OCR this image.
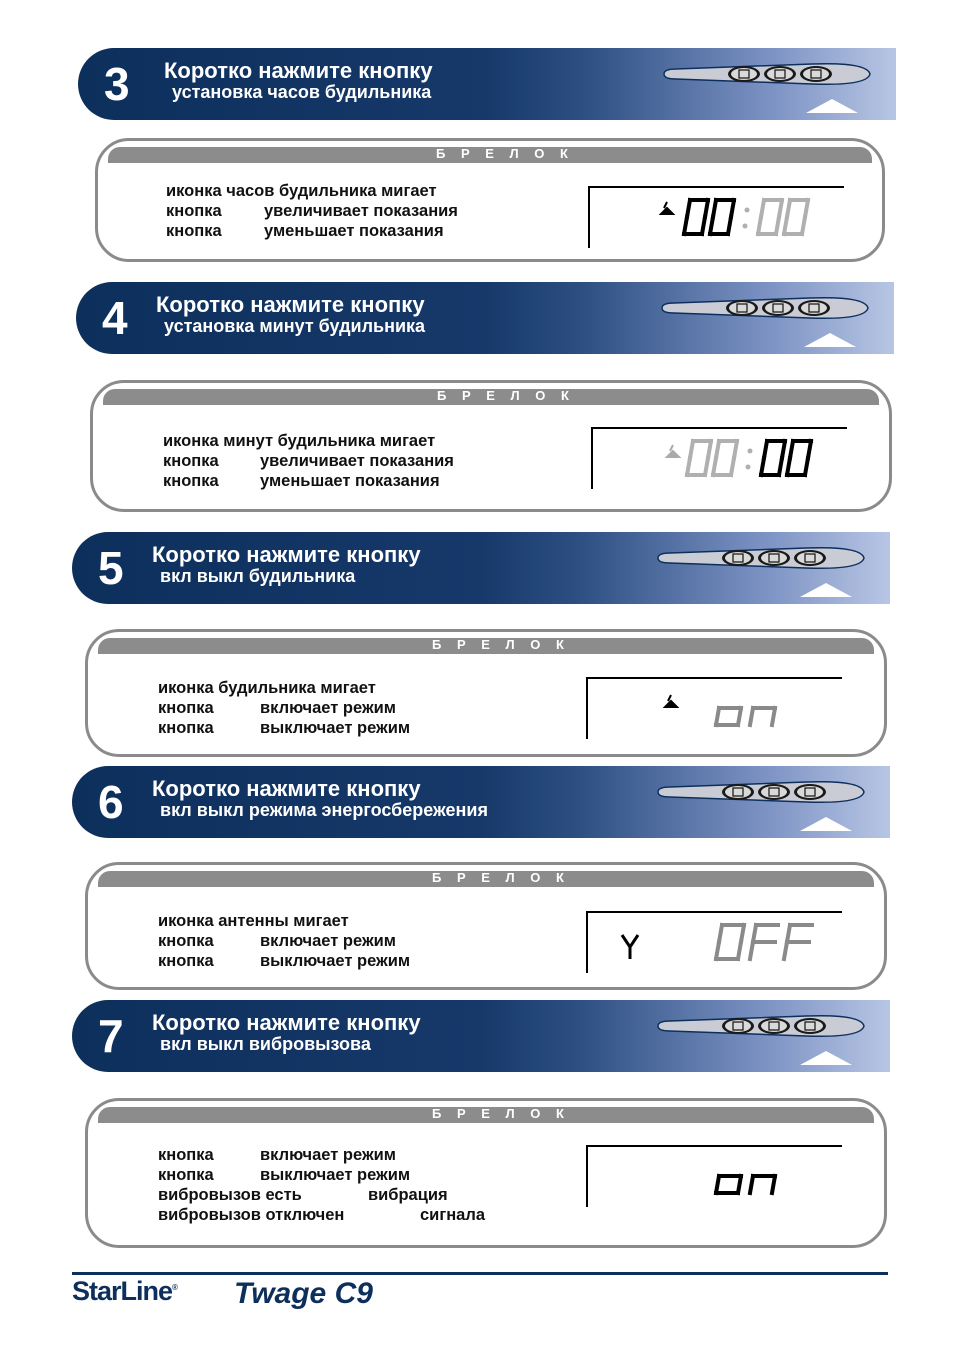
3 Коротко нажмите кнопку
установка часов будильника
Б Р Е Л О К
иконка часов будильника мигает
кнопка	увеличивает показания
кнопка	уменьшает показания
4 Коротко нажмите кнопку
установка минут будильника
Б Р Е Л О К
иконка минут будильника мигает
кнопка	увеличивает показания
кнопка	уменьшает показания
5 Коротко нажмите кнопку
вкл выкл будильника
Б Р Е Л О К
иконка будильника мигает
кнопка	включает режим
кнопка	выключает режим
6 Коротко нажмите кнопку
вкл выкл режима энергосбережения
Б Р Е Л О К
иконка антенны мигает
кнопка	включает режим
кнопка	выключает режим
7 Коротко нажмите кнопку
вкл выкл вибровызова
Б Р Е Л О К
кнопка	включает режим
кнопка	выключает режим
вибровызов есть	вибрация
вибровызов отключен	сигнала
StarLine® Twage C9
